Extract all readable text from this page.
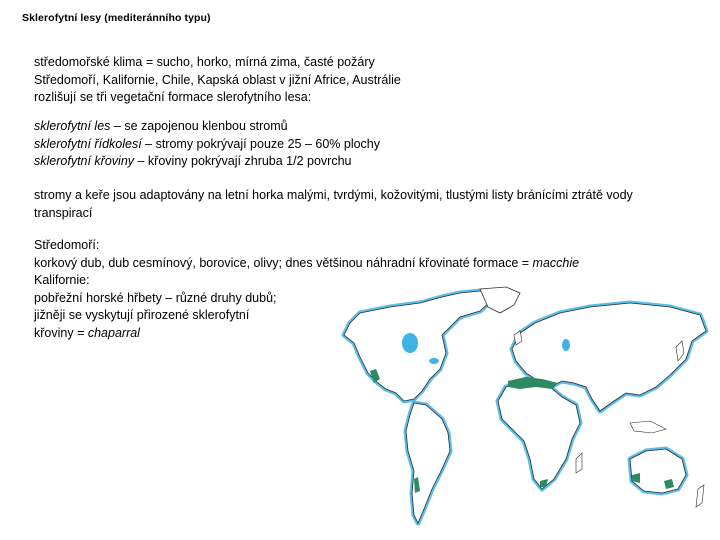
Sklerofytní lesy (mediteránního typu)

středomořské klima = sucho, horko, mírná zima, časté požáry

Středomoří, Kalifornie, Chile, Kapská oblast v jižní Africe, Austrálie

rozlišují se tři vegetační formace slerofytního lesa:

sklerofytní les – se zapojenou klenbou stromů

sklerofytní řídkolesí – stromy pokrývají pouze 25 – 60% plochy

sklerofytní křoviny – křoviny pokrývají zhruba 1/2 povrchu

stromy a keře jsou adaptovány na letní horka malými, tvrdými, kožovitými, tlustými listy bránícími ztrátě vody transpirací

Středomoří:

korkový dub, dub cesmínový, borovice, olivy; dnes většinou náhradní křovinaté formace = macchie

Kalifornie:

pobřežní horské hřbety – různé druhy dubů;

jižněji se vyskytují přirozené sklerofytní

křoviny = chaparral
